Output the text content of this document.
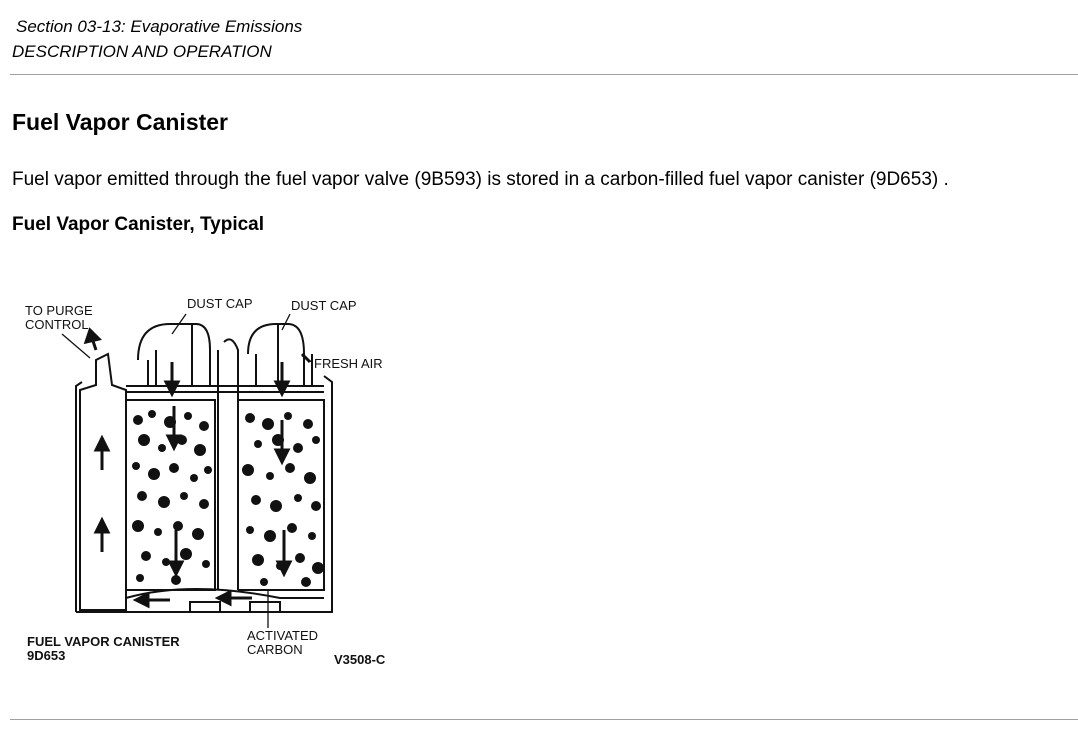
Section 03-13: Evaporative Emissions
DESCRIPTION AND OPERATION
Fuel Vapor Canister

Fuel vapor emitted through the fuel vapor valve (9B593) is stored in a carbon-filled fuel vapor canister (9D653) .

Fuel Vapor Canister, Typical
TO PURGE
CONTROL
DUST CAP	DUST CAP
FRESH AIR
FUEL VAPOR CANISTER
9D653
ACTIVATED
CARBON
V3508-C
